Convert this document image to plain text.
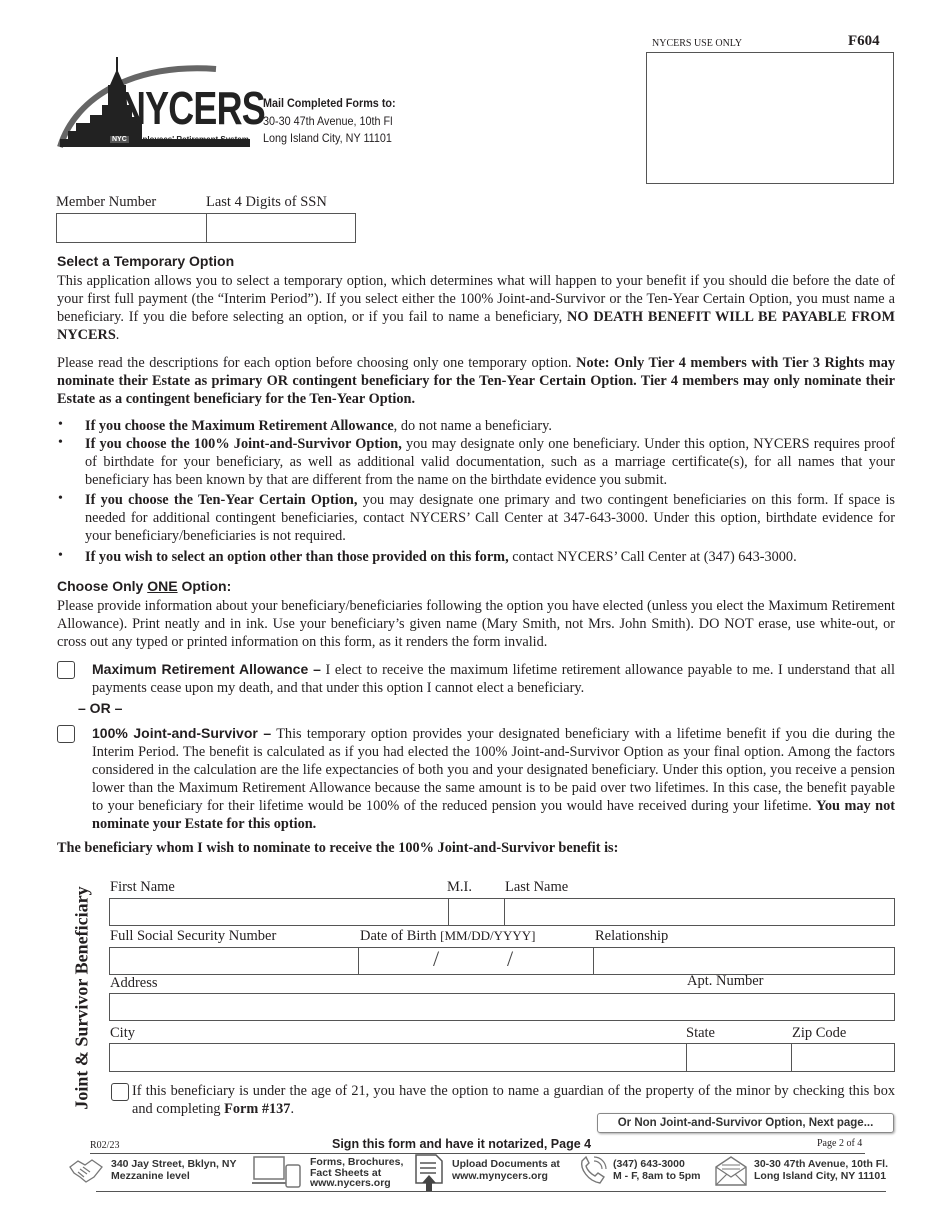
NYCERS USE ONLY	F604
NYCERS
NYC Employees' Retirement System
Mail Completed Forms to:
30-30 47th Avenue, 10th Fl
Long Island City, NY 11101
Member Number	Last 4 Digits of SSN
Select a Temporary Option

This application allows you to select a temporary option, which determines what will happen to your benefit if you should die before the date of your first full payment (the “Interim Period”). If you select either the 100% Joint-and-Survivor or the Ten-Year Certain Option, you must name a beneficiary. If you die before selecting an option, or if you fail to name a beneficiary, NO DEATH BENEFIT WILL BE PAYABLE FROM NYCERS.

Please read the descriptions for each option before choosing only one temporary option. Note: Only Tier 4 members with Tier 3 Rights may nominate their Estate as primary OR contingent beneficiary for the Ten-Year Certain Option. Tier 4 members may only nominate their Estate as a contingent beneficiary for the Ten-Year Option.

• If you choose the Maximum Retirement Allowance, do not name a beneficiary.

• If you choose the 100% Joint-and-Survivor Option, you may designate only one beneficiary. Under this option, NYCERS requires proof of birthdate for your beneficiary, as well as additional valid documentation, such as a marriage certificate(s), for all names that your beneficiary has been known by that are different from the name on the birthdate evidence you submit.

• If you choose the Ten-Year Certain Option, you may designate one primary and two contingent beneficiaries on this form. If space is needed for additional contingent beneficiaries, contact NYCERS’ Call Center at 347-643-3000. Under this option, birthdate evidence for your beneficiary/beneficiaries is not required.

• If you wish to select an option other than those provided on this form, contact NYCERS’ Call Center at (347) 643-3000.

Choose Only ONE Option:

Please provide information about your beneficiary/beneficiaries following the option you have elected (unless you elect the Maximum Retirement Allowance). Print neatly and in ink. Use your beneficiary’s given name (Mary Smith, not Mrs. John Smith). DO NOT erase, use white-out, or cross out any typed or printed information on this form, as it renders the form invalid.

Maximum Retirement Allowance – I elect to receive the maximum lifetime retirement allowance payable to me. I understand that all payments cease upon my death, and that under this option I cannot elect a beneficiary.

– OR –

100% Joint-and-Survivor – This temporary option provides your designated beneficiary with a lifetime benefit if you die during the Interim Period. The benefit is calculated as if you had elected the 100% Joint-and-Survivor Option as your final option. Among the factors considered in the calculation are the life expectancies of both you and your designated beneficiary. Under this option, you receive a pension lower than the Maximum Retirement Allowance because the same amount is to be paid over two lifetimes. In this case, the benefit payable to your beneficiary for their lifetime would be 100% of the reduced pension you would have received during your lifetime. You may not nominate your Estate for this option.

The beneficiary whom I wish to nominate to receive the 100% Joint-and-Survivor benefit is:
Joint & Survivor Beneficiary First Name	M.I. Last Name
Full Social Security Number	Date of Birth [MM/DD/YYYY]	Relationship
/	/
Address	Apt. Number
City	State	Zip Code

If this beneficiary is under the age of 21, you have the option to name a guardian of the property of the minor by checking this box and completing Form #137.

Or Non Joint-and-Survivor Option, Next page...
R02/23	Sign this form and have it notarized, Page 4	Page 2 of 4
340 Jay Street, Bklyn, NY
Mezzanine level
Forms, Brochures,
Fact Sheets at
www.nycers.org
Upload Documents at
www.mynycers.org
(347) 643-3000
M - F, 8am to 5pm
30-30 47th Avenue, 10th Fl.
Long Island City, NY 11101
